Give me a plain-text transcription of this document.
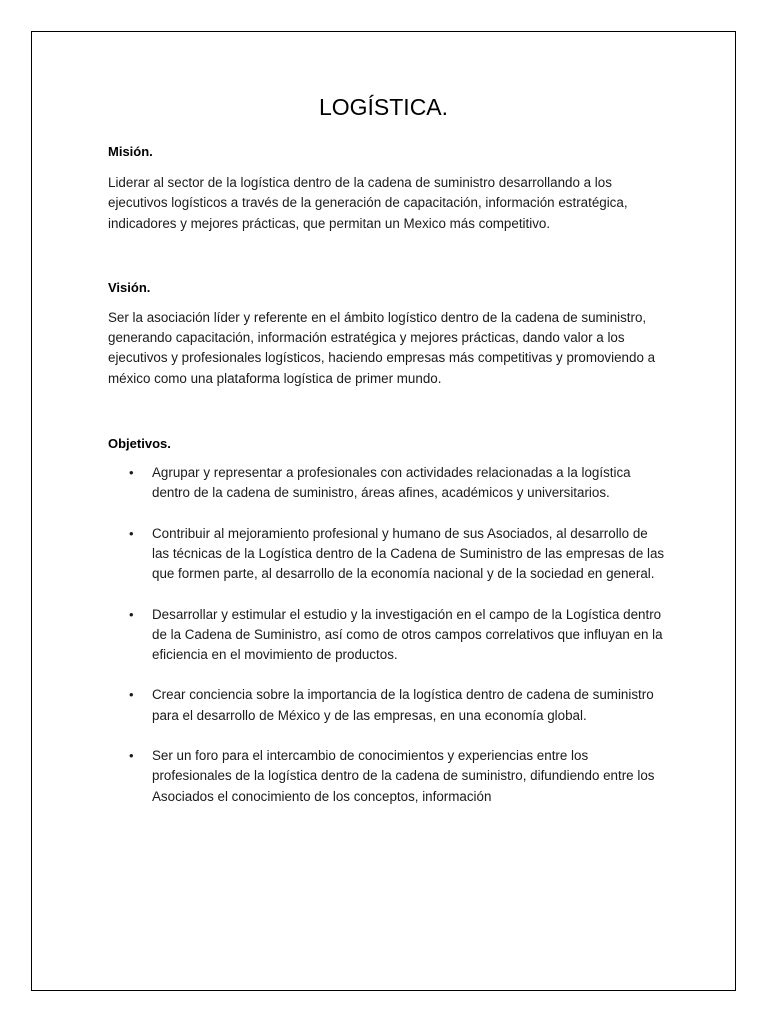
LOGÍSTICA.
Misión.

Liderar al sector de la logística dentro de la cadena de suministro desarrollando a los ejecutivos logísticos a través de la generación de capacitación, información estratégica, indicadores y mejores prácticas, que permitan un Mexico más competitivo.

Visión.

Ser la asociación líder y referente en el ámbito logístico dentro de la cadena de suministro, generando capacitación, información estratégica y mejores prácticas, dando valor a los ejecutivos y profesionales logísticos, haciendo empresas más competitivas y promoviendo a méxico como una plataforma logística de primer mundo.

Objetivos.
• Agrupar y representar a profesionales con actividades relacionadas a la logística dentro de la cadena de suministro, áreas afines, académicos y universitarios.
• Contribuir al mejoramiento profesional y humano de sus Asociados, al desarrollo de las técnicas de la Logística dentro de la Cadena de Suministro de las empresas de las que formen parte, al desarrollo de la economía nacional y de la sociedad en general.
• Desarrollar y estimular el estudio y la investigación en el campo de la Logística dentro de la Cadena de Suministro, así como de otros campos correlativos que influyan en la eficiencia en el movimiento de productos.
• Crear conciencia sobre la importancia de la logística dentro de cadena de suministro para el desarrollo de México y de las empresas, en una economía global.
• Ser un foro para el intercambio de conocimientos y experiencias entre los profesionales de la logística dentro de la cadena de suministro, difundiendo entre los Asociados el conocimiento de los conceptos, información
